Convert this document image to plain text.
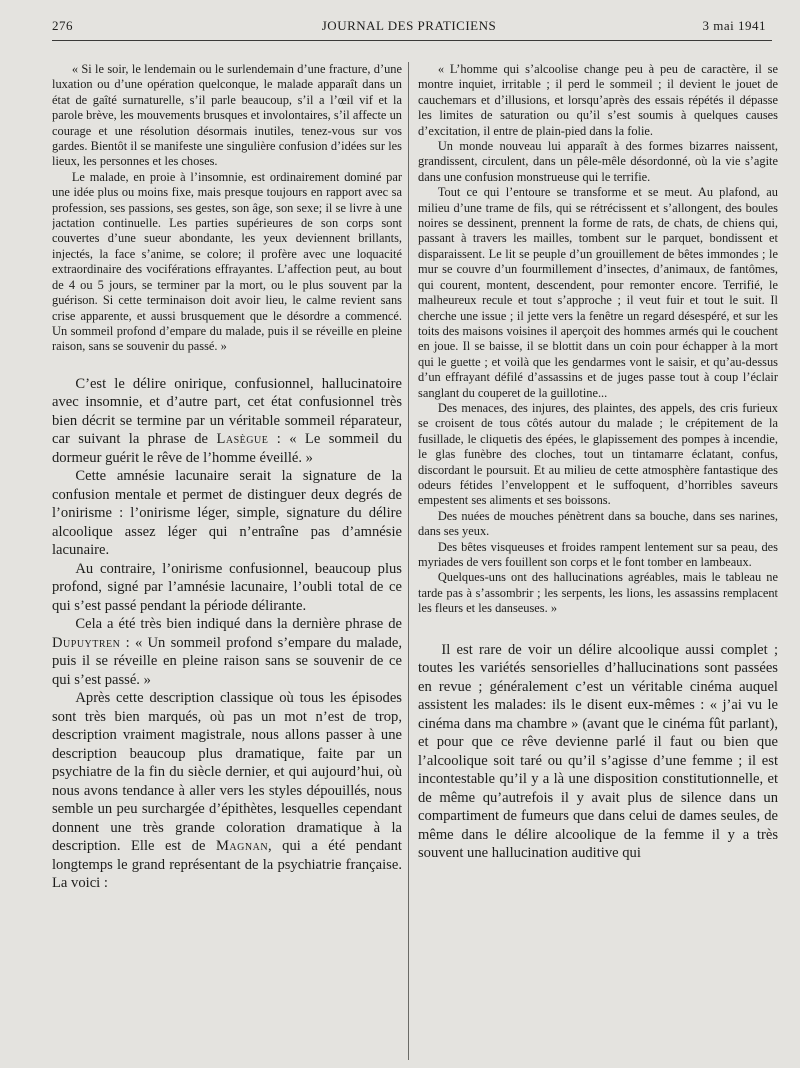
276	JOURNAL DES PRATICIENS	3 mai 1941

« Si le soir, le lendemain ou le surlendemain d’une fracture, d’une luxation ou d’une opération quelconque, le malade apparaît dans un état de gaîté surnaturelle, s’il parle beaucoup, s’il a l’œil vif et la parole brève, les mouvements brusques et involontaires, s’il affecte un courage et une résolution désormais inutiles, tenez-vous sur vos gardes. Bientôt il se manifeste une singulière confusion d’idées sur les lieux, les personnes et les choses.

Le malade, en proie à l’insomnie, est ordinairement dominé par une idée plus ou moins fixe, mais presque toujours en rapport avec sa profession, ses passions, ses gestes, son âge, son sexe; il se livre à une jactation continuelle. Les parties supérieures de son corps sont couvertes d’une sueur abondante, les yeux deviennent brillants, injectés, la face s’anime, se colore; il profère avec une loquacité extraordinaire des vociférations effrayantes. L’affection peut, au bout de 4 ou 5 jours, se terminer par la mort, ou le plus souvent par la guérison. Si cette terminaison doit avoir lieu, le calme revient sans crise apparente, et aussi brusquement que le désordre a commencé. Un sommeil profond d’empare du malade, puis il se réveille en pleine raison, sans se souvenir du passé. »

C’est le délire onirique, confusionnel, hallucinatoire avec insomnie, et d’autre part, cet état confusionnel très bien décrit se termine par un véritable sommeil réparateur, car suivant la phrase de Lasègue : « Le sommeil du dormeur guérit le rêve de l’homme éveillé. »

Cette amnésie lacunaire serait la signature de la confusion mentale et permet de distinguer deux degrés de l’onirisme : l’onirisme léger, simple, signature du délire alcoolique assez léger qui n’entraîne pas d’amnésie lacunaire.

Au contraire, l’onirisme confusionnel, beaucoup plus profond, signé par l’amnésie lacunaire, l’oubli total de ce qui s’est passé pendant la période délirante.

Cela a été très bien indiqué dans la dernière phrase de Dupuytren : « Un sommeil profond s’empare du malade, puis il se réveille en pleine raison sans se souvenir de ce qui s’est passé. »

Après cette description classique où tous les épisodes sont très bien marqués, où pas un mot n’est de trop, description vraiment magistrale, nous allons passer à une description beaucoup plus dramatique, faite par un psychiatre de la fin du siècle dernier, et qui aujourd’hui, où nous avons tendance à aller vers les styles dépouillés, nous semble un peu surchargée d’épithètes, lesquelles cependant donnent une très grande coloration dramatique à la description. Elle est de Magnan, qui a été pendant longtemps le grand représentant de la psychiatrie française. La voici :

« L’homme qui s’alcoolise change peu à peu de caractère, il se montre inquiet, irritable ; il perd le sommeil ; il devient le jouet de cauchemars et d’illusions, et lorsqu’après des essais répétés il dépasse les limites de saturation ou qu’il s’est soumis à quelques causes d’excitation, il entre de plain-pied dans la folie.

Un monde nouveau lui apparaît à des formes bizarres naissent, grandissent, circulent, dans un pêle-mêle désordonné, où la vie s’agite dans une confusion monstrueuse qui le terrifie.

Tout ce qui l’entoure se transforme et se meut. Au plafond, au milieu d’une trame de fils, qui se rétrécissent et s’allongent, des boules noires se dessinent, prennent la forme de rats, de chats, de chiens qui, passant à travers les mailles, tombent sur le parquet, bondissent et disparaissent. Le lit se peuple d’un grouillement de bêtes immondes ; le mur se couvre d’un fourmillement d’insectes, d’animaux, de fantômes, qui courent, montent, descendent, pour remonter encore. Terrifié, le malheureux recule et tout s’approche ; il veut fuir et tout le suit. Il cherche une issue ; il jette vers la fenêtre un regard désespéré, et sur les toits des maisons voisines il aperçoit des hommes armés qui le couchent en joue. Il se baisse, il se blottit dans un coin pour échapper à la mort qui le guette ; et voilà que les gendarmes vont le saisir, et qu’au-dessus d’un effrayant défilé d’assassins et de juges passe tout à coup l’éclair sanglant du couperet de la guillotine...

Des menaces, des injures, des plaintes, des appels, des cris furieux se croisent de tous côtés autour du malade ; le crépitement de la fusillade, le cliquetis des épées, le glapissement des pompes à incendie, le glas funèbre des cloches, tout un tintamarre éclatant, confus, discordant le poursuit. Et au milieu de cette atmosphère fantastique des odeurs fétides l’enveloppent et le suffoquent, d’horribles saveurs empestent ses aliments et ses boissons.

Des nuées de mouches pénètrent dans sa bouche, dans ses narines, dans ses yeux.

Des bêtes visqueuses et froides rampent lentement sur sa peau, des myriades de vers fouillent son corps et le font tomber en lambeaux.

Quelques-uns ont des hallucinations agréables, mais le tableau ne tarde pas à s’assombrir ; les serpents, les lions, les assassins remplacent les fleurs et les danseuses. »

Il est rare de voir un délire alcoolique aussi complet ; toutes les variétés sensorielles d’hallucinations sont passées en revue ; généralement c’est un véritable cinéma auquel assistent les malades: ils le disent eux-mêmes : « j’ai vu le cinéma dans ma chambre » (avant que le cinéma fût parlant), et pour que ce rêve devienne parlé il faut ou bien que l’alcoolique soit taré ou qu’il s’agisse d’une femme ; il est incontestable qu’il y a là une disposition constitutionnelle, et de même qu’autrefois il y avait plus de silence dans un compartiment de fumeurs que dans celui de dames seules, de même dans le délire alcoolique de la femme il y a très souvent une hallucination auditive qui
